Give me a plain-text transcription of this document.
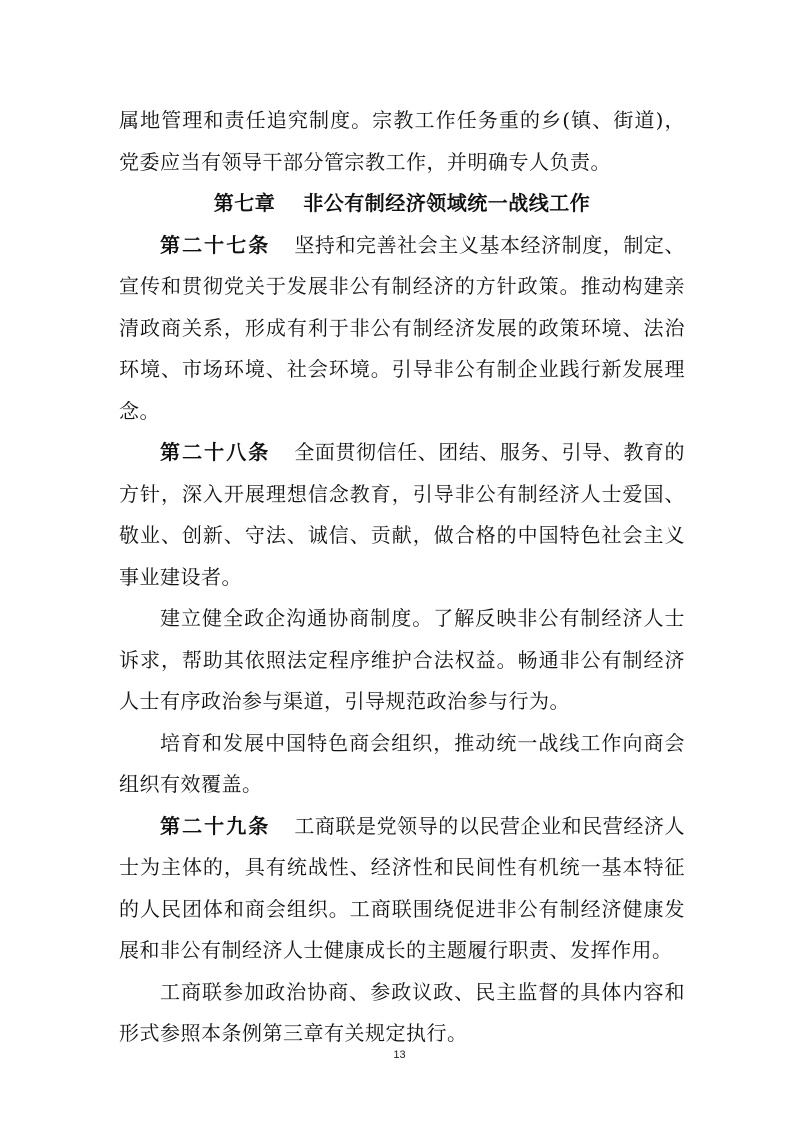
属地管理和责任追究制度。宗教工作任务重的乡(镇、街道)，党委应当有领导干部分管宗教工作，并明确专人负责。

第七章 非公有制经济领域统一战线工作

第二十七条 坚持和完善社会主义基本经济制度，制定、宣传和贯彻党关于发展非公有制经济的方针政策。推动构建亲清政商关系，形成有利于非公有制经济发展的政策环境、法治环境、市场环境、社会环境。引导非公有制企业践行新发展理念。

第二十八条 全面贯彻信任、团结、服务、引导、教育的方针，深入开展理想信念教育，引导非公有制经济人士爱国、敬业、创新、守法、诚信、贡献，做合格的中国特色社会主义事业建设者。

建立健全政企沟通协商制度。了解反映非公有制经济人士诉求，帮助其依照法定程序维护合法权益。畅通非公有制经济人士有序政治参与渠道，引导规范政治参与行为。

培育和发展中国特色商会组织，推动统一战线工作向商会组织有效覆盖。

第二十九条 工商联是党领导的以民营企业和民营经济人士为主体的，具有统战性、经济性和民间性有机统一基本特征的人民团体和商会组织。工商联围绕促进非公有制经济健康发展和非公有制经济人士健康成长的主题履行职责、发挥作用。

工商联参加政治协商、参政议政、民主监督的具体内容和形式参照本条例第三章有关规定执行。

13
